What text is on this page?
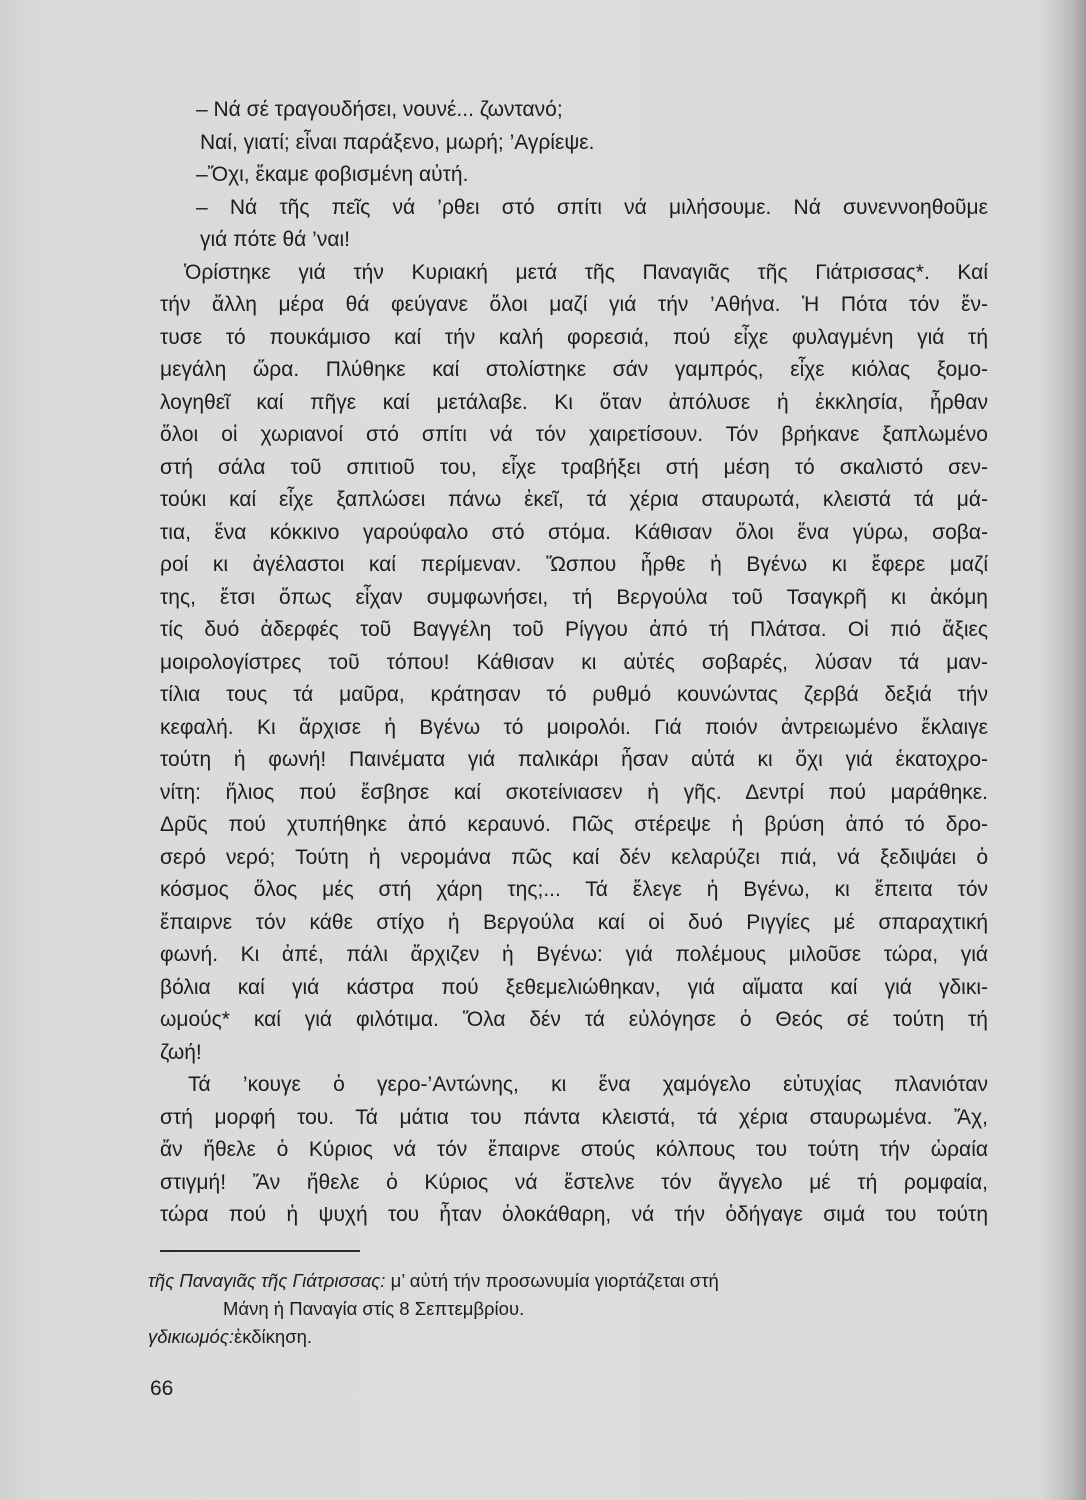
– Νά σέ τραγουδήσει, νουνέ... ζωντανό;
Ναί, γιατί; εἶναι παράξενο, μωρή; ’Αγρίεψε.
–Ὄχι, ἔκαμε φοβισμένη αὐτή.
– Νά τῆς πεῖς νά ’ρθει στό σπίτι νά μιλήσουμε. Νά συνεννοηθοῦμε
γιά πότε θά ’ναι!
Ὁρίστηκε γιά τήν Κυριακή μετά τῆς Παναγιᾶς τῆς Γιάτρισσας*. Καί
τήν ἄλλη μέρα θά φεύγανε ὅλοι μαζί γιά τήν ’Αθήνα. Ἡ Πότα τόν ἔν-
τυσε τό πουκάμισο καί τήν καλή φορεσιά, πού εἶχε φυλαγμένη γιά τή
μεγάλη ὥρα. Πλύθηκε καί στολίστηκε σάν γαμπρός, εἶχε κιόλας ξομο-
λογηθεῖ καί πῆγε καί μετάλαβε. Κι ὅταν ἀπόλυσε ἡ ἐκκλησία, ἦρθαν
ὅλοι οἱ χωριανοί στό σπίτι νά τόν χαιρετίσουν. Τόν βρήκανε ξαπλωμένο
στή σάλα τοῦ σπιτιοῦ του, εἶχε τραβήξει στή μέση τό σκαλιστό σεν-
τούκι καί εἶχε ξαπλώσει πάνω ἐκεῖ, τά χέρια σταυρωτά, κλειστά τά μά-
τια, ἕνα κόκκινο γαρούφαλο στό στόμα. Κάθισαν ὅλοι ἕνα γύρω, σοβα-
ροί κι ἀγέλαστοι καί περίμεναν. Ὥσπου ἦρθε ἡ Βγένω κι ἔφερε μαζί
της, ἔτσι ὅπως εἶχαν συμφωνήσει, τή Βεργούλα τοῦ Τσαγκρῆ κι ἀκόμη
τίς δυό ἀδερφές τοῦ Βαγγέλη τοῦ Ρίγγου ἀπό τή Πλάτσα. Οἱ πιό ἄξιες
μοιρολογίστρες τοῦ τόπου! Κάθισαν κι αὐτές σοβαρές, λύσαν τά μαν-
τίλια τους τά μαῦρα, κράτησαν τό ρυθμό κουνώντας ζερβά δεξιά τήν
κεφαλή. Κι ἄρχισε ἡ Βγένω τό μοιρολόι. Γιά ποιόν ἀντρειωμένο ἔκλαιγε
τούτη ἡ φωνή! Παινέματα γιά παλικάρι ἦσαν αὐτά κι ὄχι γιά ἑκατοχρο-
νίτη: ἥλιος πού ἔσβησε καί σκοτείνιασεν ἡ γῆς. Δεντρί πού μαράθηκε.
Δρῦς πού χτυπήθηκε ἀπό κεραυνό. Πῶς στέρεψε ἡ βρύση ἀπό τό δρο-
σερό νερό; Τούτη ἡ νερομάνα πῶς καί δέν κελαρύζει πιά, νά ξεδιψάει ὁ
κόσμος ὅλος μές στή χάρη της;... Τά ἔλεγε ἡ Βγένω, κι ἔπειτα τόν
ἔπαιρνε τόν κάθε στίχο ἡ Βεργούλα καί οἱ δυό Ριγγίες μέ σπαραχτική
φωνή. Κι ἀπέ, πάλι ἄρχιζεν ἡ Βγένω: γιά πολέμους μιλοῦσε τώρα, γιά
βόλια καί γιά κάστρα πού ξεθεμελιώθηκαν, γιά αἵματα καί γιά γδικι-
ωμούς* καί γιά φιλότιμα. Ὅλα δέν τά εὐλόγησε ὁ Θεός σέ τούτη τή
ζωή!
Τά ’κουγε ὁ γερο-’Αντώνης, κι ἕνα χαμόγελο εὐτυχίας πλανιόταν
στή μορφή του. Τά μάτια του πάντα κλειστά, τά χέρια σταυρωμένα. Ἄχ,
ἄν ἤθελε ὁ Κύριος νά τόν ἔπαιρνε στούς κόλπους του τούτη τήν ὡραία
στιγμή! Ἄν ἤθελε ὁ Κύριος νά ἔστελνε τόν ἄγγελο μέ τή ρομφαία,
τώρα πού ἡ ψυχή του ἦταν ὁλοκάθαρη, νά τήν ὁδήγαγε σιμά του τούτη
τῆς Παναγιᾶς τῆς Γιάτρισσας: μ’ αὐτή τήν προσωνυμία γιορτάζεται στή
Μάνη ἡ Παναγία στίς 8 Σεπτεμβρίου.
γδικιωμός:ἐκδίκηση.
66
